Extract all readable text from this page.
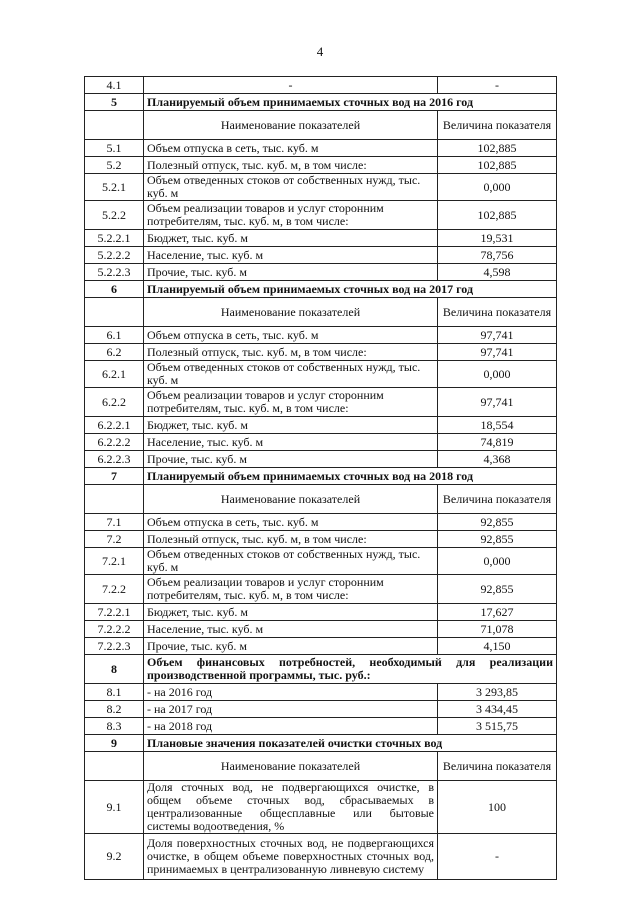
4
4.1	-	-
5	Планируемый объем принимаемых сточных вод на 2016 год	
	Наименование показателей	Величина показателя
5.1	Объем отпуска в сеть, тыс. куб. м	102,885
5.2	Полезный отпуск, тыс. куб. м, в том числе:	102,885
5.2.1	Объем отведенных стоков от собственных нужд, тыс. куб. м	0,000
5.2.2	Объем реализации товаров и услуг сторонним потребителям, тыс. куб. м, в том числе:	102,885
5.2.2.1	Бюджет, тыс. куб. м	19,531
5.2.2.2	Население, тыс. куб. м	78,756
5.2.2.3	Прочие, тыс. куб. м	4,598
6	Планируемый объем принимаемых сточных вод на 2017 год	
	Наименование показателей	Величина показателя
6.1	Объем отпуска в сеть, тыс. куб. м	97,741
6.2	Полезный отпуск, тыс. куб. м, в том числе:	97,741
6.2.1	Объем отведенных стоков от собственных нужд, тыс. куб. м	0,000
6.2.2	Объем реализации товаров и услуг сторонним потребителям, тыс. куб. м, в том числе:	97,741
6.2.2.1	Бюджет, тыс. куб. м	18,554
6.2.2.2	Население, тыс. куб. м	74,819
6.2.2.3	Прочие, тыс. куб. м	4,368
7	Планируемый объем принимаемых сточных вод на 2018 год	
	Наименование показателей	Величина показателя
7.1	Объем отпуска в сеть, тыс. куб. м	92,855
7.2	Полезный отпуск, тыс. куб. м, в том числе:	92,855
7.2.1	Объем отведенных стоков от собственных нужд, тыс. куб. м	0,000
7.2.2	Объем реализации товаров и услуг сторонним потребителям, тыс. куб. м, в том числе:	92,855
7.2.2.1	Бюджет, тыс. куб. м	17,627
7.2.2.2	Население, тыс. куб. м	71,078
7.2.2.3	Прочие, тыс. куб. м	4,150
8	Объем финансовых потребностей, необходимый для реализации производственной программы, тыс. руб.:	
8.1	- на 2016 год	3 293,85
8.2	- на 2017 год	3 434,45
8.3	- на 2018 год	3 515,75
9	Плановые значения показателей очистки сточных вод	
	Наименование показателей	Величина показателя
9.1	Доля сточных вод, не подвергающихся очистке, в общем объеме сточных вод, сбрасываемых в централизованные общесплавные или бытовые системы водоотведения, %	100
9.2	Доля поверхностных сточных вод, не подвергающихся очистке, в общем объеме поверхностных сточных вод, принимаемых в централизованную ливневую систему	-
